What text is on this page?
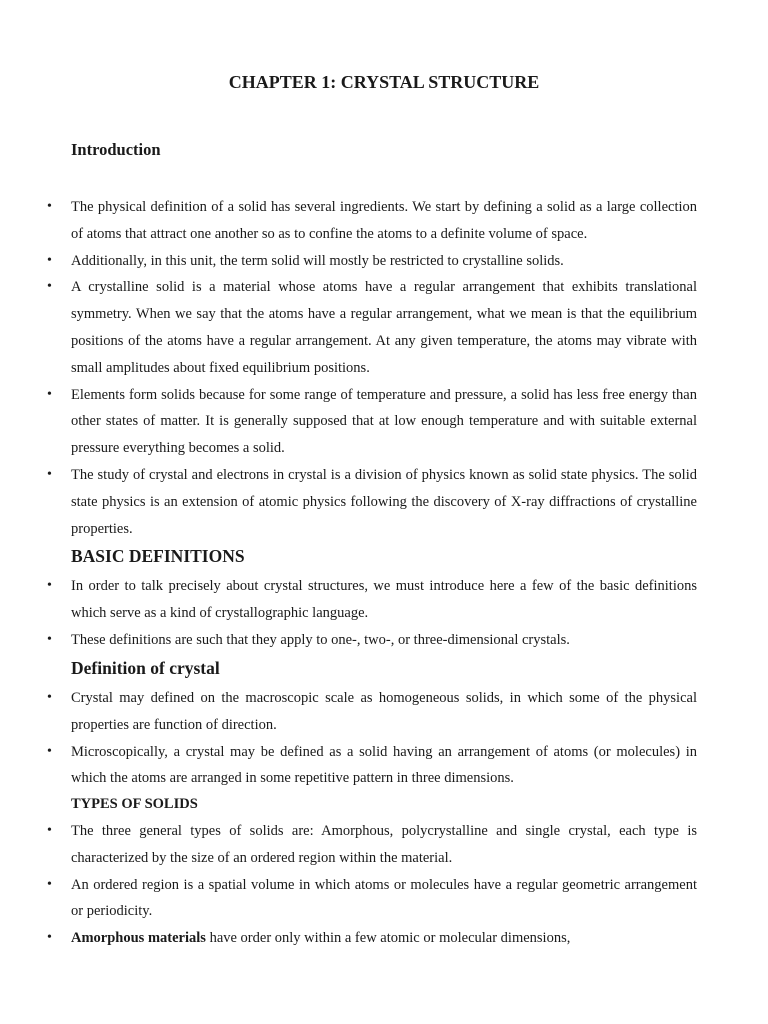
CHAPTER 1: CRYSTAL STRUCTURE
Introduction
• The physical definition of a solid has several ingredients. We start by defining a solid as a large collection of atoms that attract one another so as to confine the atoms to a definite volume of space.
• Additionally, in this unit, the term solid will mostly be restricted to crystalline solids.
• A crystalline solid is a material whose atoms have a regular arrangement that exhibits translational symmetry. When we say that the atoms have a regular arrangement, what we mean is that the equilibrium positions of the atoms have a regular arrangement. At any given temperature, the atoms may vibrate with small amplitudes about fixed equilibrium positions.
• Elements form solids because for some range of temperature and pressure, a solid has less free energy than other states of matter. It is generally supposed that at low enough temperature and with suitable external pressure everything becomes a solid.
• The study of crystal and electrons in crystal is a division of physics known as solid state physics. The solid state physics is an extension of atomic physics following the discovery of X-ray diffractions of crystalline properties.
BASIC DEFINITIONS
• In order to talk precisely about crystal structures, we must introduce here a few of the basic definitions which serve as a kind of crystallographic language.
• These definitions are such that they apply to one-, two-, or three-dimensional crystals.
Definition of crystal
• Crystal may defined on the macroscopic scale as homogeneous solids, in which some of the physical properties are function of direction.
• Microscopically, a crystal may be defined as a solid having an arrangement of atoms (or molecules) in which the atoms are arranged in some repetitive pattern in three dimensions.
TYPES OF SOLIDS
• The three general types of solids are: Amorphous, polycrystalline and single crystal, each type is characterized by the size of an ordered region within the material.
• An ordered region is a spatial volume in which atoms or molecules have a regular geometric arrangement or periodicity.
• Amorphous materials have order only within a few atomic or molecular dimensions,
